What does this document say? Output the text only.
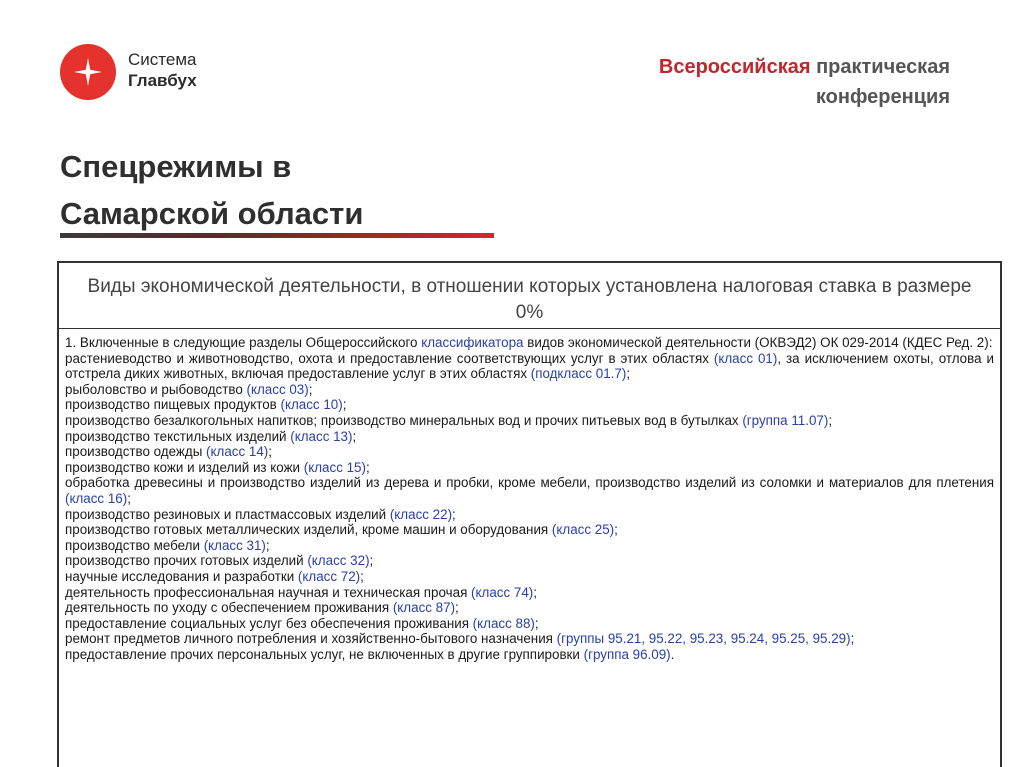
Система
Главбух
Всероссийская практическая
конференция
Спецрежимы в
Самарской области
Виды экономической деятельности, в отношении которых установлена налоговая ставка в размере 0%

1. Включенные в следующие разделы Общероссийского классификатора видов экономической деятельности (ОКВЭД2) ОК 029-2014 (КДЕС Ред. 2):

растениеводство и животноводство, охота и предоставление соответствующих услуг в этих областях (класс 01), за исключением охоты, отлова и отстрела диких животных, включая предоставление услуг в этих областях (подкласс 01.7);

рыболовство и рыбоводство (класс 03);

производство пищевых продуктов (класс 10);

производство безалкогольных напитков; производство минеральных вод и прочих питьевых вод в бутылках (группа 11.07);

производство текстильных изделий (класс 13);

производство одежды (класс 14);

производство кожи и изделий из кожи (класс 15);

обработка древесины и производство изделий из дерева и пробки, кроме мебели, производство изделий из соломки и материалов для плетения (класс 16);

производство резиновых и пластмассовых изделий (класс 22);

производство готовых металлических изделий, кроме машин и оборудования (класс 25);

производство мебели (класс 31);

производство прочих готовых изделий (класс 32);

научные исследования и разработки (класс 72);

деятельность профессиональная научная и техническая прочая (класс 74);

деятельность по уходу с обеспечением проживания (класс 87);

предоставление социальных услуг без обеспечения проживания (класс 88);

ремонт предметов личного потребления и хозяйственно-бытового назначения (группы 95.21, 95.22, 95.23, 95.24, 95.25, 95.29);

предоставление прочих персональных услуг, не включенных в другие группировки (группа 96.09).
